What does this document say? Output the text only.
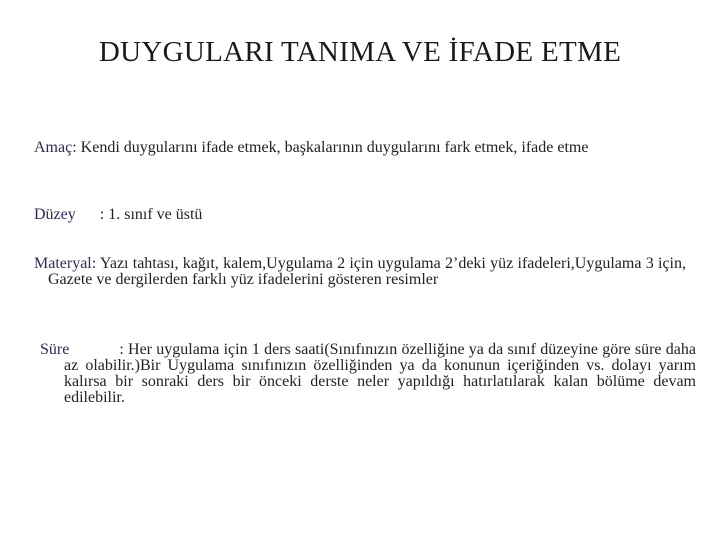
DUYGULARI TANIMA VE İFADE ETME
Amaç: Kendi duygularını ifade etmek, başkalarının duygularını fark etmek, ifade etme
Düzey : 1. sınıf ve üstü
Materyal: Yazı tahtası, kağıt, kalem,Uygulama 2 için uygulama 2’deki yüz ifadeleri,Uygulama 3 için, Gazete ve dergilerden farklı yüz ifadelerini gösteren resimler
Süre	: Her uygulama için 1 ders saati(Sınıfınızın özelliğine ya da sınıf düzeyine göre süre daha az olabilir.)Bir Uygulama sınıfınızın özelliğinden ya da konunun içeriğinden vs. dolayı yarım kalırsa bir sonraki ders bir önceki derste neler yapıldığı hatırlatılarak kalan bölüme devam edilebilir.
